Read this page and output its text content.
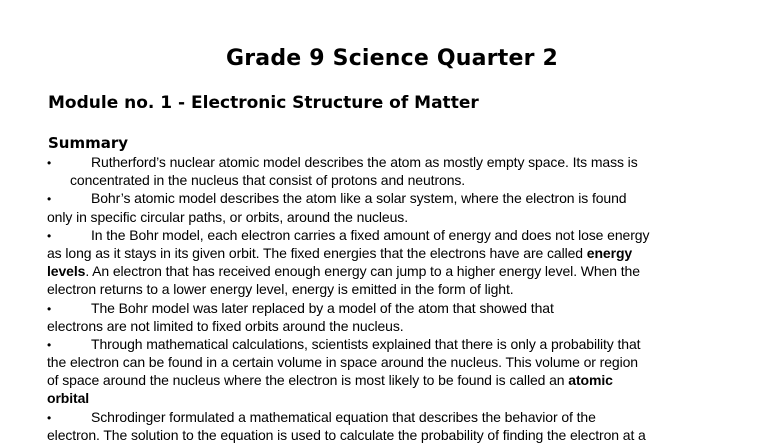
Grade 9 Science Quarter 2
Module no. 1 - Electronic Structure of Matter
Summary
•	Rutherford’s nuclear atomic model describes the atom as mostly empty space. Its mass is
concentrated in the nucleus that consist of protons and neutrons.
•	Bohr’s atomic model describes the atom like a solar system, where the electron is found
only in specific circular paths, or orbits, around the nucleus.
•	In the Bohr model, each electron carries a fixed amount of energy and does not lose energy
as long as it stays in its given orbit. The fixed energies that the electrons have are called energy
levels. An electron that has received enough energy can jump to a higher energy level. When the
electron returns to a lower energy level, energy is emitted in the form of light.
•	The Bohr model was later replaced by a model of the atom that showed that
electrons are not limited to fixed orbits around the nucleus.
•	Through mathematical calculations, scientists explained that there is only a probability that
the electron can be found in a certain volume in space around the nucleus. This volume or region
of space around the nucleus where the electron is most likely to be found is called an atomic
orbital
•	Schrodinger formulated a mathematical equation that describes the behavior of the
electron. The solution to the equation is used to calculate the probability of finding the electron at a
